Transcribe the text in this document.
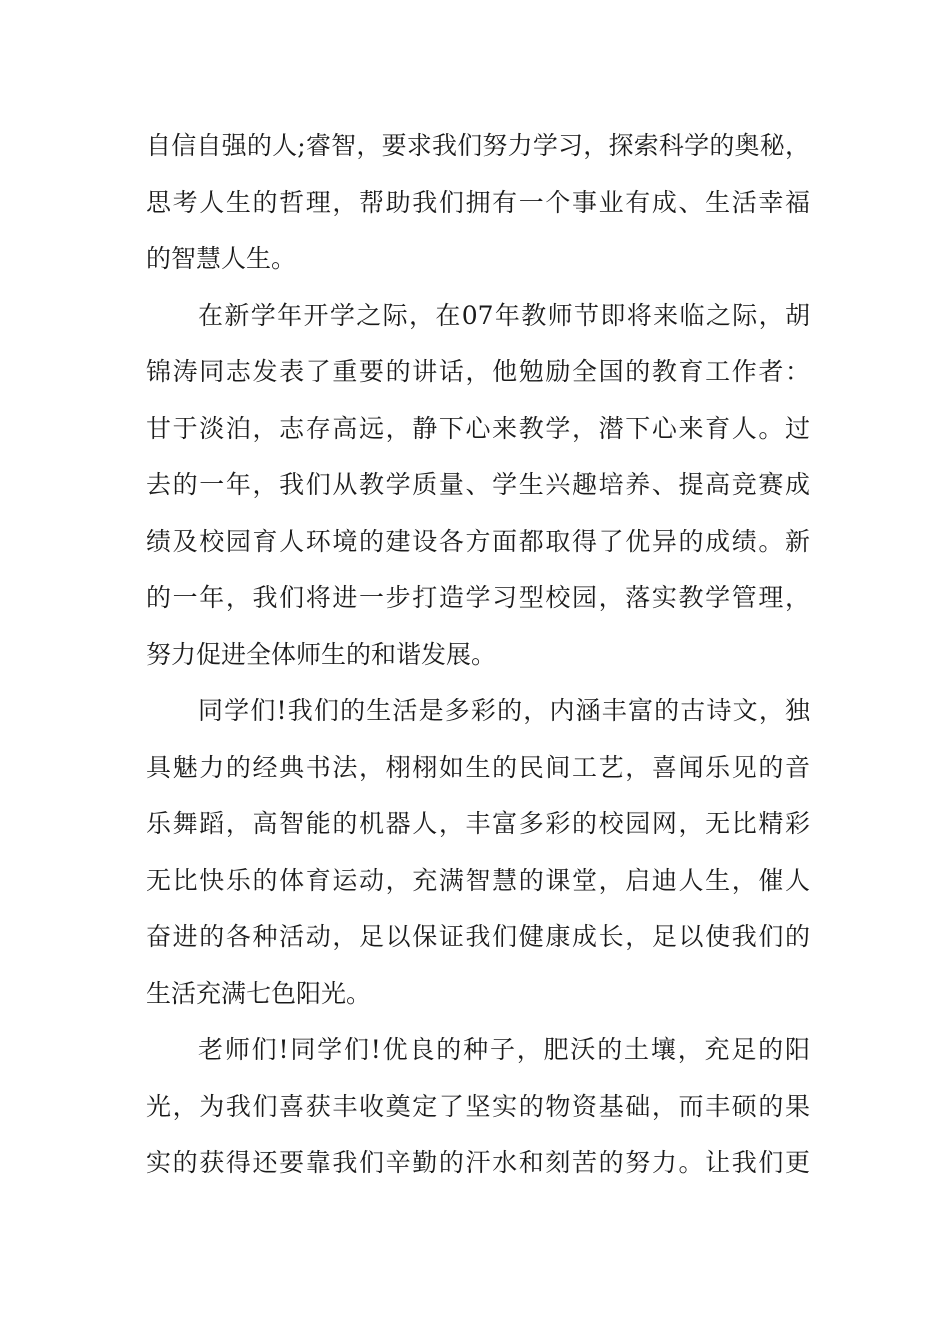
自信自强的人;睿智，要求我们努力学习，探索科学的奥秘，
思考人生的哲理，帮助我们拥有一个事业有成、生活幸福
的智慧人生。
在新学年开学之际，在07年教师节即将来临之际，胡
锦涛同志发表了重要的讲话，他勉励全国的教育工作者：
甘于淡泊，志存高远，静下心来教学，潜下心来育人。过
去的一年，我们从教学质量、学生兴趣培养、提高竞赛成
绩及校园育人环境的建设各方面都取得了优异的成绩。新
的一年，我们将进一步打造学习型校园，落实教学管理，
努力促进全体师生的和谐发展。
同学们!我们的生活是多彩的，内涵丰富的古诗文，独
具魅力的经典书法，栩栩如生的民间工艺，喜闻乐见的音
乐舞蹈，高智能的机器人，丰富多彩的校园网，无比精彩
无比快乐的体育运动，充满智慧的课堂，启迪人生，催人
奋进的各种活动，足以保证我们健康成长，足以使我们的
生活充满七色阳光。
老师们!同学们!优良的种子，肥沃的土壤，充足的阳
光，为我们喜获丰收奠定了坚实的物资基础，而丰硕的果
实的获得还要靠我们辛勤的汗水和刻苦的努力。让我们更
